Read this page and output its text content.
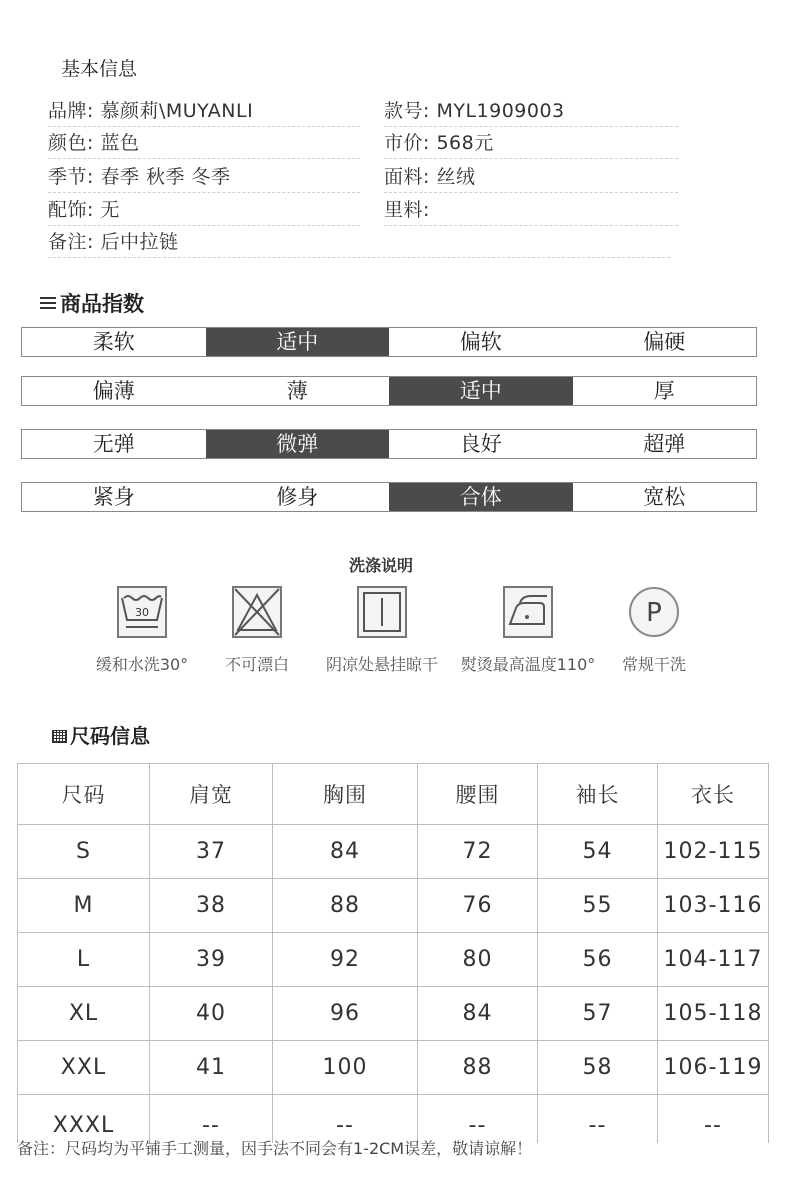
基本信息
品牌: 慕颜莉\MUYANLI	款号: MYL1909003
颜色: 蓝色	市价: 568元
季节: 春季 秋季 冬季	面料: 丝绒
配饰: 无	里料:
备注: 后中拉链
商品指数
柔软	适中	偏软	偏硬
偏薄	薄	适中	厚
无弹	微弹	良好	超弹
紧身	修身	合体	宽松
洗涤说明
30
缓和水洗30° 不可漂白 阴凉处悬挂晾干 熨烫最高温度110°
P
常规干洗
尺码信息
尺码	肩宽	胸围	腰围	袖长	衣长
S	37	84	72	54	102-115
M	38	88	76	55	103-116
L	39	92	80	56	104-117
XL	40	96	84	57	105-118
XXL	41	100	88	58	106-119
XXXL	--	--	--	--	--
备注：尺码均为平铺手工测量，因手法不同会有1-2CM误差，敬请谅解！
